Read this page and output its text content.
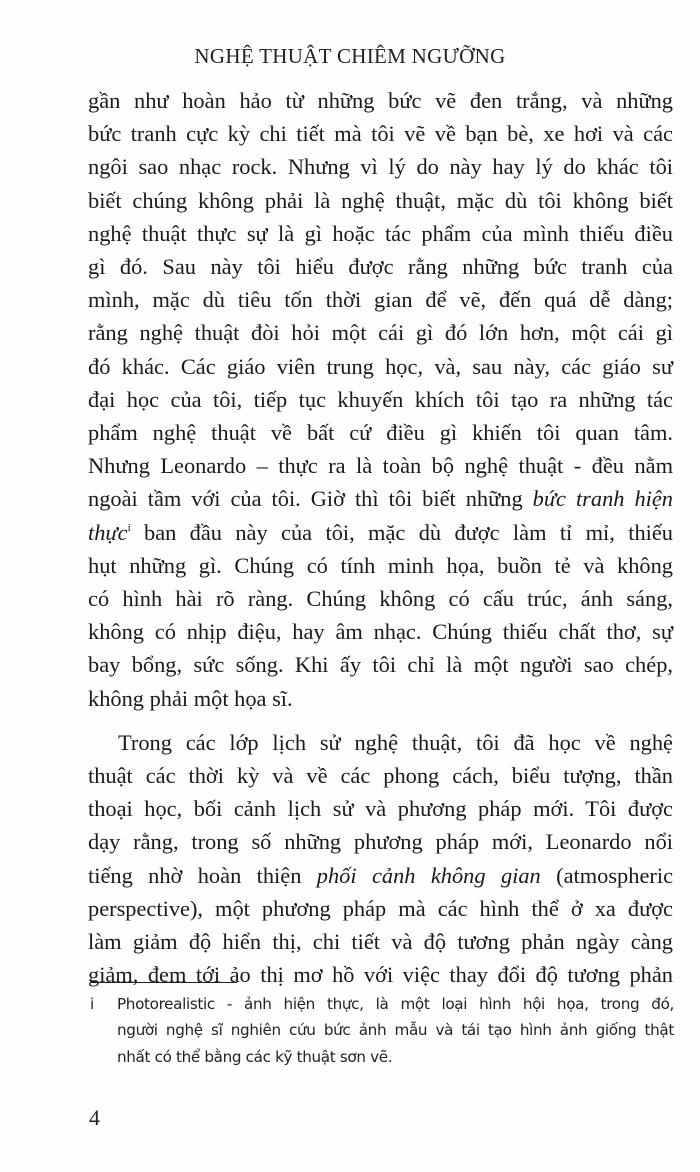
NGHỆ THUẬT CHIÊM NGƯỠNG

gần như hoàn hảo từ những bức vẽ đen trắng, và những
bức tranh cực kỳ chi tiết mà tôi vẽ về bạn bè, xe hơi và các
ngôi sao nhạc rock. Nhưng vì lý do này hay lý do khác tôi
biết chúng không phải là nghệ thuật, mặc dù tôi không biết
nghệ thuật thực sự là gì hoặc tác phẩm của mình thiếu điều
gì đó. Sau này tôi hiểu được rằng những bức tranh của
mình, mặc dù tiêu tốn thời gian để vẽ, đến quá dễ dàng;
rằng nghệ thuật đòi hỏi một cái gì đó lớn hơn, một cái gì
đó khác. Các giáo viên trung học, và, sau này, các giáo sư
đại học của tôi, tiếp tục khuyến khích tôi tạo ra những tác
phẩm nghệ thuật về bất cứ điều gì khiến tôi quan tâm.
Nhưng Leonardo – thực ra là toàn bộ nghệ thuật - đều nằm
ngoài tầm với của tôi. Giờ thì tôi biết những bức tranh hiện
thực$^i$ ban đầu này của tôi, mặc dù được làm tỉ mỉ, thiếu
hụt những gì. Chúng có tính minh họa, buồn tẻ và không
có hình hài rõ ràng. Chúng không có cấu trúc, ánh sáng,
không có nhịp điệu, hay âm nhạc. Chúng thiếu chất thơ, sự
bay bổng, sức sống. Khi ấy tôi chỉ là một người sao chép,
không phải một họa sĩ.

Trong các lớp lịch sử nghệ thuật, tôi đã học về nghệ
thuật các thời kỳ và về các phong cách, biểu tượng, thần
thoại học, bối cảnh lịch sử và phương pháp mới. Tôi được
dạy rằng, trong số những phương pháp mới, Leonardo nổi
tiếng nhờ hoàn thiện phối cảnh không gian (atmospheric
perspective), một phương pháp mà các hình thể ở xa được
làm giảm độ hiển thị, chi tiết và độ tương phản ngày càng
giảm, đem tới ảo thị mơ hồ với việc thay đổi độ tương phản

i	Photorealistic - ảnh hiện thực, là một loại hình hội họa, trong đó,
người nghệ sĩ nghiên cứu bức ảnh mẫu và tái tạo hình ảnh giống thật
nhất có thể bằng các kỹ thuật sơn vẽ.
4
